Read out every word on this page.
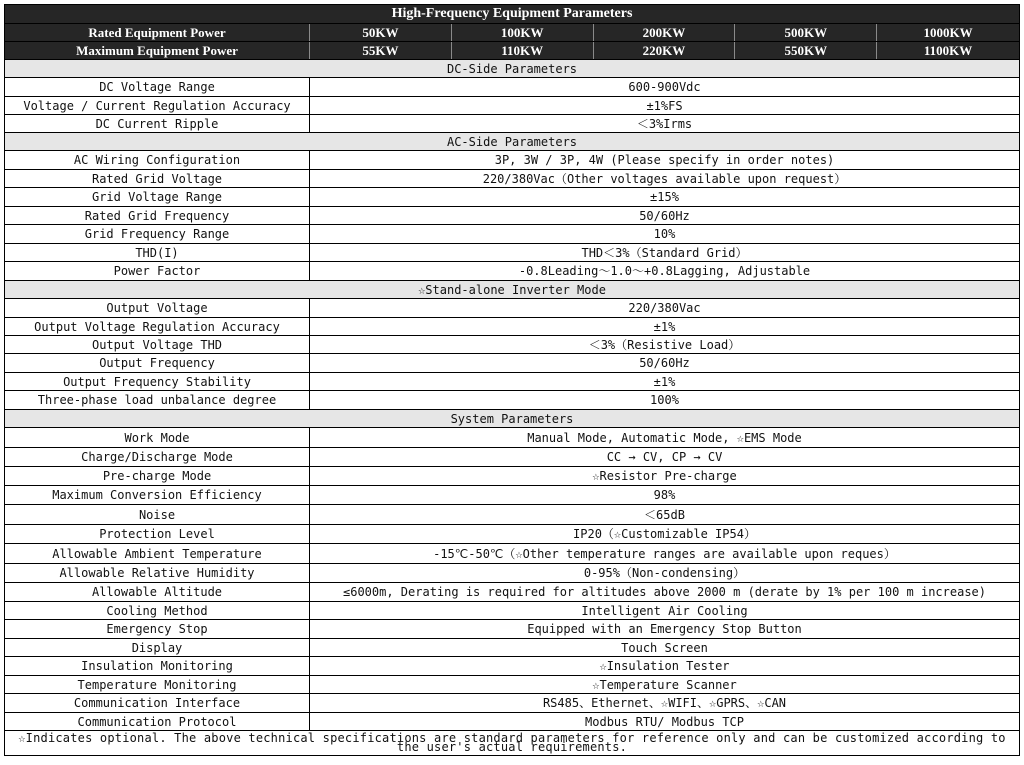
High-Frequency Equipment Parameters
Rated Equipment Power	50KW	100KW	200KW	500KW	1000KW
Maximum Equipment Power	55KW	110KW	220KW	550KW	1100KW
DC-Side Parameters
DC Voltage Range	600-900Vdc
Voltage / Current Regulation Accuracy	±1%FS
DC Current Ripple	＜3%Irms
AC-Side Parameters
AC Wiring Configuration	3P, 3W / 3P, 4W (Please specify in order notes)
Rated Grid Voltage	220/380Vac（Other voltages available upon request）
Grid Voltage Range	±15%
Rated Grid Frequency	50/60Hz
Grid Frequency Range	10%
THD(I)	THD＜3%（Standard Grid）
Power Factor	-0.8Leading～1.0～+0.8Lagging, Adjustable
☆Stand-alone Inverter Mode
Output Voltage	220/380Vac
Output Voltage Regulation Accuracy	±1%
Output Voltage THD	＜3%（Resistive Load）
Output Frequency	50/60Hz
Output Frequency Stability	±1%
Three-phase load unbalance degree	100%
System Parameters
Work Mode	Manual Mode, Automatic Mode, ☆EMS Mode
Charge/Discharge Mode	CC → CV, CP → CV
Pre-charge Mode	☆Resistor Pre-charge
Maximum Conversion Efficiency	98%
Noise	＜65dB
Protection Level	IP20（☆Customizable IP54）
Allowable Ambient Temperature	-15℃-50℃（☆Other temperature ranges are available upon reques）
Allowable Relative Humidity	0-95%（Non-condensing）
Allowable Altitude	≤6000m, Derating is required for altitudes above 2000 m (derate by 1% per 100 m increase)
Cooling Method	Intelligent Air Cooling
Emergency Stop	Equipped with an Emergency Stop Button
Display	Touch Screen
Insulation Monitoring	☆Insulation Tester
Temperature Monitoring	☆Temperature Scanner
Communication Interface	RS485、Ethernet、☆WIFI、☆GPRS、☆CAN
Communication Protocol	Modbus RTU/ Modbus TCP
☆Indicates optional. The above technical specifications are standard parameters for reference only and can be customized according to the user's actual requirements.
